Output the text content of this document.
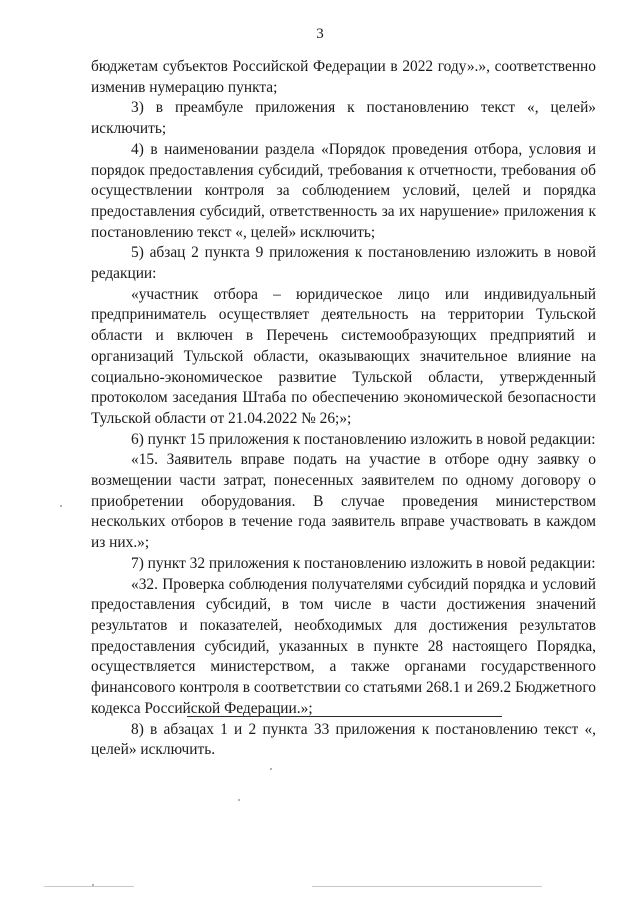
3

бюджетам субъектов Российской Федерации в 2022 году».», соответственно изменив нумерацию пункта;

3) в преамбуле приложения к постановлению текст «, целей» исключить;

4) в наименовании раздела «Порядок проведения отбора, условия и порядок предоставления субсидий, требования к отчетности, требования об осуществлении контроля за соблюдением условий, целей и порядка предоставления субсидий, ответственность за их нарушение» приложения к постановлению текст «, целей» исключить;

5) абзац 2 пункта 9 приложения к постановлению изложить в новой редакции:

«участник отбора – юридическое лицо или индивидуальный предприниматель осуществляет деятельность на территории Тульской области и включен в Перечень системообразующих предприятий и организаций Тульской области, оказывающих значительное влияние на социально-экономическое развитие Тульской области, утвержденный протоколом заседания Штаба по обеспечению экономической безопасности Тульской области от 21.04.2022 № 26;»;

6) пункт 15 приложения к постановлению изложить в новой редакции:

«15. Заявитель вправе подать на участие в отборе одну заявку о возмещении части затрат, понесенных заявителем по одному договору о приобретении оборудования. В случае проведения министерством нескольких отборов в течение года заявитель вправе участвовать в каждом из них.»;

7) пункт 32 приложения к постановлению изложить в новой редакции:

«32. Проверка соблюдения получателями субсидий порядка и условий предоставления субсидий, в том числе в части достижения значений результатов и показателей, необходимых для достижения результатов предоставления субсидий, указанных в пункте 28 настоящего Порядка, осуществляется министерством, а также органами государственного финансового контроля в соответствии со статьями 268.1 и 269.2 Бюджетного кодекса Российской Федерации.»;

8) в абзацах 1 и 2 пункта 33 приложения к постановлению текст «, целей» исключить.
